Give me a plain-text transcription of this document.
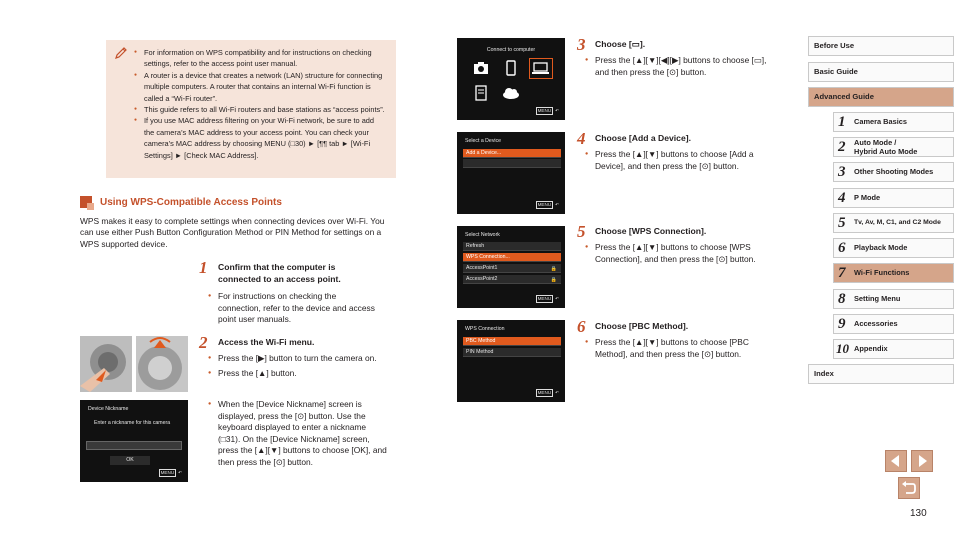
● For information on WPS compatibility and for instructions on checking settings, refer to the access point user manual.
● A router is a device that creates a network (LAN) structure for connecting multiple computers. A router that contains an internal Wi-Fi function is called a “Wi-Fi router”.
● This guide refers to all Wi-Fi routers and base stations as “access points”.
● If you use MAC address filtering on your Wi-Fi network, be sure to add the camera’s MAC address to your access point. You can check your camera’s MAC address by choosing MENU (□30) ► [¶¶ tab ► [Wi-Fi Settings] ► [Check MAC Address].
Using WPS-Compatible Access Points
WPS makes it easy to complete settings when connecting devices over Wi-Fi. You can use either Push Button Configuration Method or PIN Method for settings on a WPS supported device.
1 Confirm that the computer is connected to an access point.
● For instructions on checking the connection, refer to the device and access point user manuals.
2 Access the Wi-Fi menu.
● Press the [▶] button to turn the camera on.
● Press the [▲] button.
● When the [Device Nickname] screen is displayed, press the [⊙] button. Use the keyboard displayed to enter a nickname (□31). On the [Device Nickname] screen, press the [▲][▼] buttons to choose [OK], and then press the [⊙] button.
Device Nickname
Enter a nickname for this camera
OK
MENU ↶
Connect to computer
MENU ↶
Select a Device
Add a Device...
MENU ↶
Select Network
Refresh
WPS Connection...
AccessPoint1	🔒
AccessPoint2	🔒
MENU ↶
WPS Connection
PBC Method
PIN Method
MENU ↶
3 Choose [▭].
● Press the [▲][▼][◀][▶] buttons to choose [▭], and then press the [⊙] button.
4 Choose [Add a Device].
● Press the [▲][▼] buttons to choose [Add a Device], and then press the [⊙] button.
5 Choose [WPS Connection].
● Press the [▲][▼] buttons to choose [WPS Connection], and then press the [⊙] button.
6 Choose [PBC Method].
● Press the [▲][▼] buttons to choose [PBC Method], and then press the [⊙] button.
Before Use
Basic Guide
Advanced Guide
1 Camera Basics
2 Auto Mode /
Hybrid Auto Mode
3 Other Shooting Modes
4 P Mode
5 Tv, Av, M, C1, and C2 Mode
6 Playback Mode
7 Wi-Fi Functions
8 Setting Menu
9 Accessories
10 Appendix
Index
130
